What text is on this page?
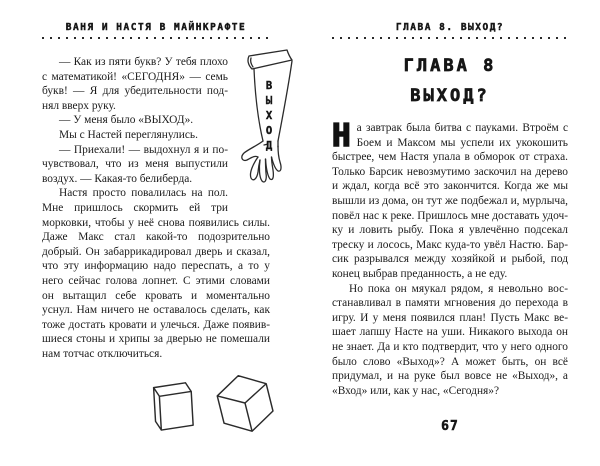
ВАНЯ И НАСТЯ В МАЙНКРАФТЕ

— Как из пяти букв? У тебя плохо с математикой! «СЕГОДНЯ» — семь букв! — Я для убедительности поднял вверх руку.

— У меня было «ВЫХОД».

Мы с Настей переглянулись.

— Приехали! — выдохнул я и почувствовал, что из меня выпустили воздух. — Какая-то белиберда.

Настя просто повалилась на пол. Мне пришлось скормить ей три морковки, чтобы у неё снова появились силы. Даже Макс стал какой-то подозрительно добрый. Он забаррикадировал дверь и сказал, что эту информацию надо переспать, а то у него сейчас голова лопнет. С этими словами он вытащил себе кровать и моментально уснул. Нам ничего не оставалось сделать, как тоже достать кровати и улечься. Даже появившиеся стоны и хрипы за дверью не помешали нам тотчас отключиться.

ВЫХОД
ГЛАВА 8. ВЫХОД?
ГЛАВА 8
ВЫХОД?

На завтрак была битва с пауками. Втроём с Боем и Максом мы успели их укокошить быстрее, чем Настя упала в обморок от страха. Только Барсик невозмутимо заскочил на дерево и ждал, когда всё это закончится. Когда же мы вышли из дома, он тут же подбежал и, мурлыча, повёл нас к реке. Пришлось мне доставать удочку и ловить рыбу. Пока я увлечённо подсекал треску и лосось, Макс куда-то увёл Настю. Барсик разрывался между хозяйкой и рыбой, под конец выбрав преданность, а не еду.

Но пока он мяукал рядом, я невольно восстанавливал в памяти мгновения до перехода в игру. И у меня появился план! Пусть Макс вешает лапшу Насте на уши. Никакого выхода он не знает. Да и кто подтвердит, что у него одного было слово «Выход»? А может быть, он всё придумал, и на руке был вовсе не «Выход», а «Вход» или, как у нас, «Сегодня»?

67
